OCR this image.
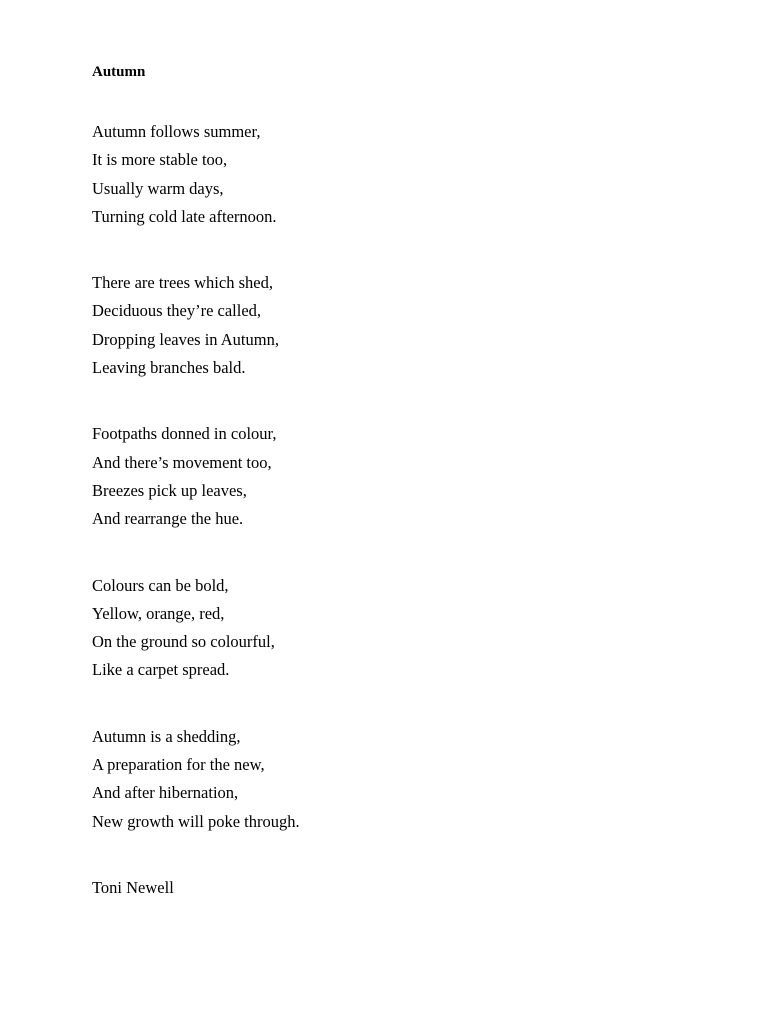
Autumn
Autumn follows summer,
It is more stable too,
Usually warm days,
Turning cold late afternoon.
There are trees which shed,
Deciduous they’re called,
Dropping leaves in Autumn,
Leaving branches bald.
Footpaths donned in colour,
And there’s movement too,
Breezes pick up leaves,
And rearrange the hue.
Colours can be bold,
Yellow, orange, red,
On the ground so colourful,
Like a carpet spread.
Autumn is a shedding,
A preparation for the new,
And after hibernation,
New growth will poke through.
Toni Newell
